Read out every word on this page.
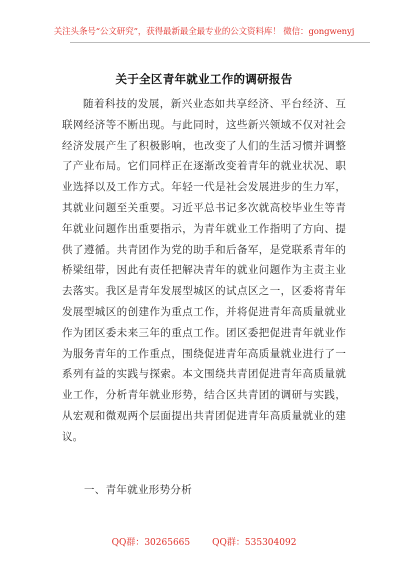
关注头条号“公文研究”，获得最新最全最专业的公文资料库！ 微信：gongwenyj
关于全区青年就业工作的调研报告

随着科技的发展，新兴业态如共享经济、平台经济、互联网经济等不断出现。与此同时，这些新兴领域不仅对社会经济发展产生了积极影响，也改变了人们的生活习惯并调整了产业布局。它们同样正在逐渐改变着青年的就业状况、职业选择以及工作方式。年轻一代是社会发展进步的生力军，其就业问题至关重要。习近平总书记多次就高校毕业生等青年就业问题作出重要指示，为青年就业工作指明了方向、提供了遵循。共青团作为党的助手和后备军，是党联系青年的桥梁纽带，因此有责任把解决青年的就业问题作为主责主业去落实。我区是青年发展型城区的试点区之一，区委将青年发展型城区的创建作为重点工作，并将促进青年高质量就业作为团区委未来三年的重点工作。团区委把促进青年就业作为服务青年的工作重点，围绕促进青年高质量就业进行了一系列有益的实践与探索。本文围绕共青团促进青年高质量就业工作，分析青年就业形势，结合区共青团的调研与实践，从宏观和微观两个层面提出共青团促进青年高质量就业的建议。

一、青年就业形势分析
QQ群：30265665 QQ群：535304092
